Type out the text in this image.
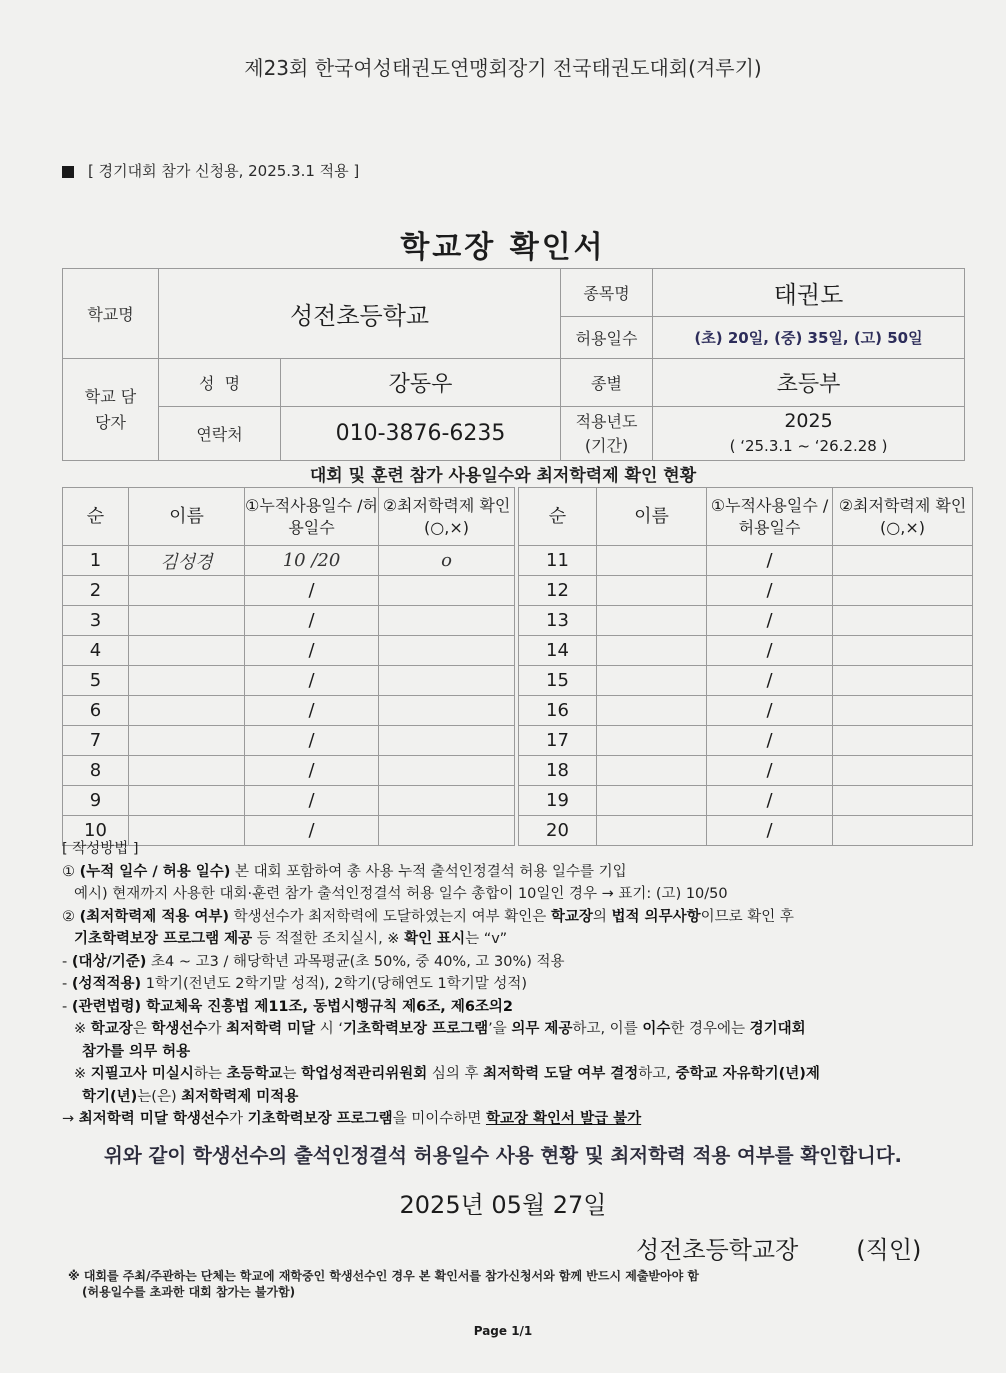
제23회 한국여성태권도연맹회장기 전국태권도대회(겨루기)
[ 경기대회 참가 신청용, 2025.3.1 적용 ]
학교장 확인서
학교명	성전초등학교		종목명	태권도
			허용일수	(초) 20일, (중) 35일, (고) 50일
학교 담당자	성  명	강동우	종별	초등부
	연락처	010-3876-6235	적용년도 (기간)	2025
( ‘25.3.1 ~ ‘26.2.28 )
대회 및 훈련 참가 사용일수와 최저학력제 확인 현황
순	이름	①누적사용일수 /허용일수	②최저학력제 확인(○,×)
1	김성경	10 /20	o
2		/	
3		/	
4		/	
5		/	
6		/	
7		/	
8		/	
9		/	
10		/	
순	이름	①누적사용일수 /허용일수	②최저학력제 확인(○,×)
11		/	
12		/	
13		/	
14		/	
15		/	
16		/	
17		/	
18		/	
19		/	
20		/	
[ 작성방법 ]
① (누적 일수 / 허용 일수) 본 대회 포함하여 총 사용 누적 출석인정결석 허용 일수를 기입
예시) 현재까지 사용한 대회·훈련 참가 출석인정결석 허용 일수 총합이 10일인 경우 → 표기: (고) 10/50
② (최저학력제 적용 여부) 학생선수가 최저학력에 도달하였는지 여부 확인은 학교장의 법적 의무사항이므로 확인 후
기초학력보장 프로그램 제공 등 적절한 조치실시, ※ 확인 표시는 “v”
- (대상/기준) 초4 ~ 고3 / 해당학년 과목평균(초 50%, 중 40%, 고 30%) 적용
- (성적적용) 1학기(전년도 2학기말 성적), 2학기(당해연도 1학기말 성적)
- (관련법령) 학교체육 진흥법 제11조, 동법시행규칙 제6조, 제6조의2
※ 학교장은 학생선수가 최저학력 미달 시 ‘기초학력보장 프로그램’을 의무 제공하고, 이를 이수한 경우에는 경기대회
참가를 의무 허용
※ 지필고사 미실시하는 초등학교는 학업성적관리위원회 심의 후 최저학력 도달 여부 결정하고, 중학교 자유학기(년)제
학기(년)는(은) 최저학력제 미적용
→ 최저학력 미달 학생선수가 기초학력보장 프로그램을 미이수하면 학교장 확인서 발급 불가
위와 같이 학생선수의 출석인정결석 허용일수 사용 현황 및 최저학력 적용 여부를 확인합니다.
2025년 05월 27일
성전초등학교장 (직인)
※ 대회를 주최/주관하는 단체는 학교에 재학중인 학생선수인 경우 본 확인서를 참가신청서와 함께 반드시 제출받아야 함
(허용일수를 초과한 대회 참가는 불가함)
Page 1/1
